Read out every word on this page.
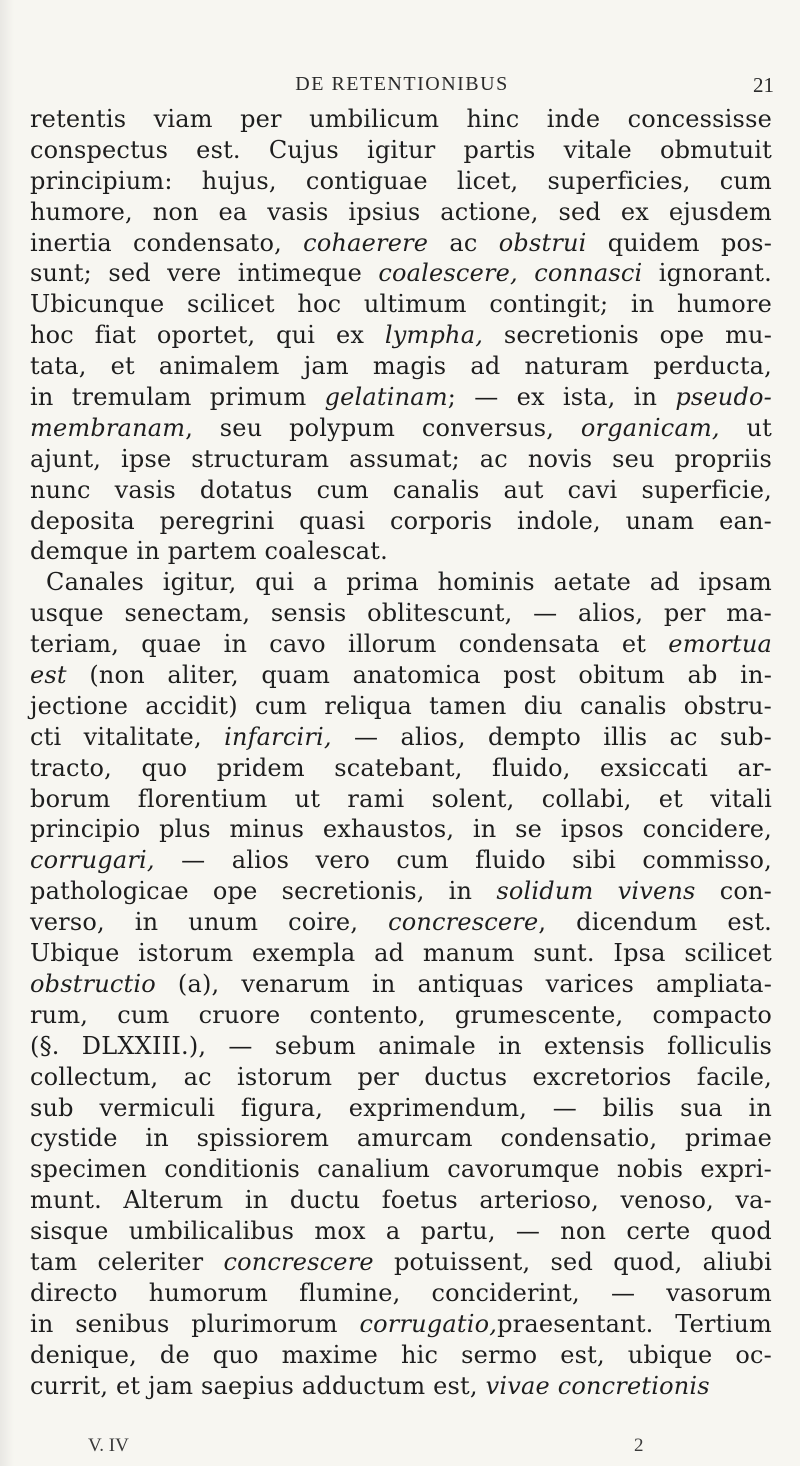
DE RETENTIONIBUS	21
retentis viam per umbilicum hinc inde concessisse
conspectus est. Cujus igitur partis vitale obmutuit
principium: hujus, contiguae licet, superficies, cum
humore, non ea vasis ipsius actione, sed ex ejusdem
inertia condensato, cohaerere ac obstrui quidem pos-
sunt; sed vere intimeque coalescere, connasci ignorant.
Ubicunque scilicet hoc ultimum contingit; in humore
hoc fiat oportet, qui ex lympha, secretionis ope mu-
tata, et animalem jam magis ad naturam perducta,
in tremulam primum gelatinam; — ex ista, in pseudo-
membranam, seu polypum conversus, organicam, ut
ajunt, ipse structuram assumat; ac novis seu propriis
nunc vasis dotatus cum canalis aut cavi superficie,
deposita peregrini quasi corporis indole, unam ean-
demque in partem coalescat.
Canales igitur, qui a prima hominis aetate ad ipsam
usque senectam, sensis oblitescunt, — alios, per ma-
teriam, quae in cavo illorum condensata et emortua
est (non aliter, quam anatomica post obitum ab in-
jectione accidit) cum reliqua tamen diu canalis obstru-
cti vitalitate, infarciri, — alios, dempto illis ac sub-
tracto, quo pridem scatebant, fluido, exsiccati ar-
borum florentium ut rami solent, collabi, et vitali
principio plus minus exhaustos, in se ipsos concidere,
corrugari, — alios vero cum fluido sibi commisso,
pathologicae ope secretionis, in solidum vivens con-
verso, in unum coire, concrescere, dicendum est.
Ubique istorum exempla ad manum sunt. Ipsa scilicet
obstructio (a), venarum in antiquas varices ampliata-
rum, cum cruore contento, grumescente, compacto
(§. DLXXIII.), — sebum animale in extensis folliculis
collectum, ac istorum per ductus excretorios facile,
sub vermiculi figura, exprimendum, — bilis sua in
cystide in spissiorem amurcam condensatio, primae
specimen conditionis canalium cavorumque nobis expri-
munt. Alterum in ductu foetus arterioso, venoso, va-
sisque umbilicalibus mox a partu, — non certe quod
tam celeriter concrescere potuissent, sed quod, aliubi
directo humorum flumine, conciderint, — vasorum
in senibus plurimorum corrugatio,praesentant. Tertium
denique, de quo maxime hic sermo est, ubique oc-
currit, et jam saepius adductum est, vivae concretionis
V. IV	2
